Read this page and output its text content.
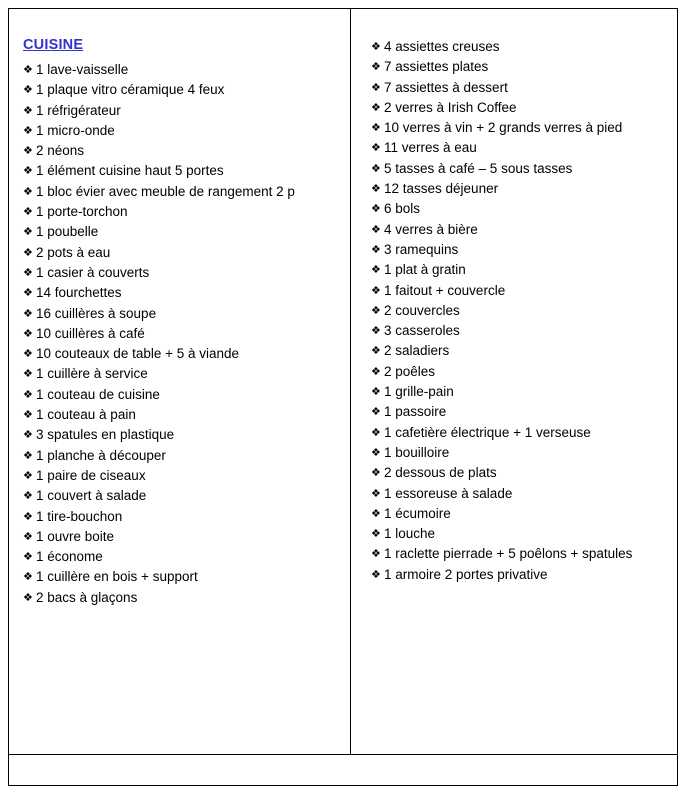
CUISINE
❖ 1 lave-vaisselle
❖ 1 plaque vitro céramique 4 feux
❖ 1 réfrigérateur
❖ 1 micro-onde
❖ 2 néons
❖ 1 élément cuisine haut 5 portes
❖ 1 bloc évier avec meuble de rangement 2 p
❖ 1 porte-torchon
❖ 1 poubelle
❖ 2 pots à eau
❖ 1 casier à couverts
❖ 14 fourchettes
❖ 16 cuillères à soupe
❖ 10 cuillères à café
❖ 10 couteaux de table + 5 à viande
❖ 1 cuillère à service
❖ 1 couteau de cuisine
❖ 1 couteau à pain
❖ 3 spatules en plastique
❖ 1 planche à découper
❖ 1 paire de ciseaux
❖ 1 couvert à salade
❖ 1 tire-bouchon
❖ 1 ouvre boite
❖ 1 économe
❖ 1 cuillère en bois + support
❖ 2 bacs à glaçons
❖ 4 assiettes creuses
❖ 7 assiettes plates
❖ 7 assiettes à dessert
❖ 2 verres à Irish Coffee
❖ 10 verres à vin + 2 grands verres à pied
❖ 11 verres à eau
❖ 5 tasses à café – 5 sous tasses
❖ 12 tasses déjeuner
❖ 6 bols
❖ 4 verres à bière
❖ 3 ramequins
❖ 1 plat à gratin
❖ 1 faitout + couvercle
❖ 2 couvercles
❖ 3 casseroles
❖ 2 saladiers
❖ 2 poêles
❖ 1 grille-pain
❖ 1 passoire
❖ 1 cafetière électrique + 1 verseuse
❖ 1 bouilloire
❖ 2 dessous de plats
❖ 1 essoreuse à salade
❖ 1 écumoire
❖ 1 louche
❖ 1 raclette pierrade + 5 poêlons + spatules
❖ 1 armoire 2 portes privative
